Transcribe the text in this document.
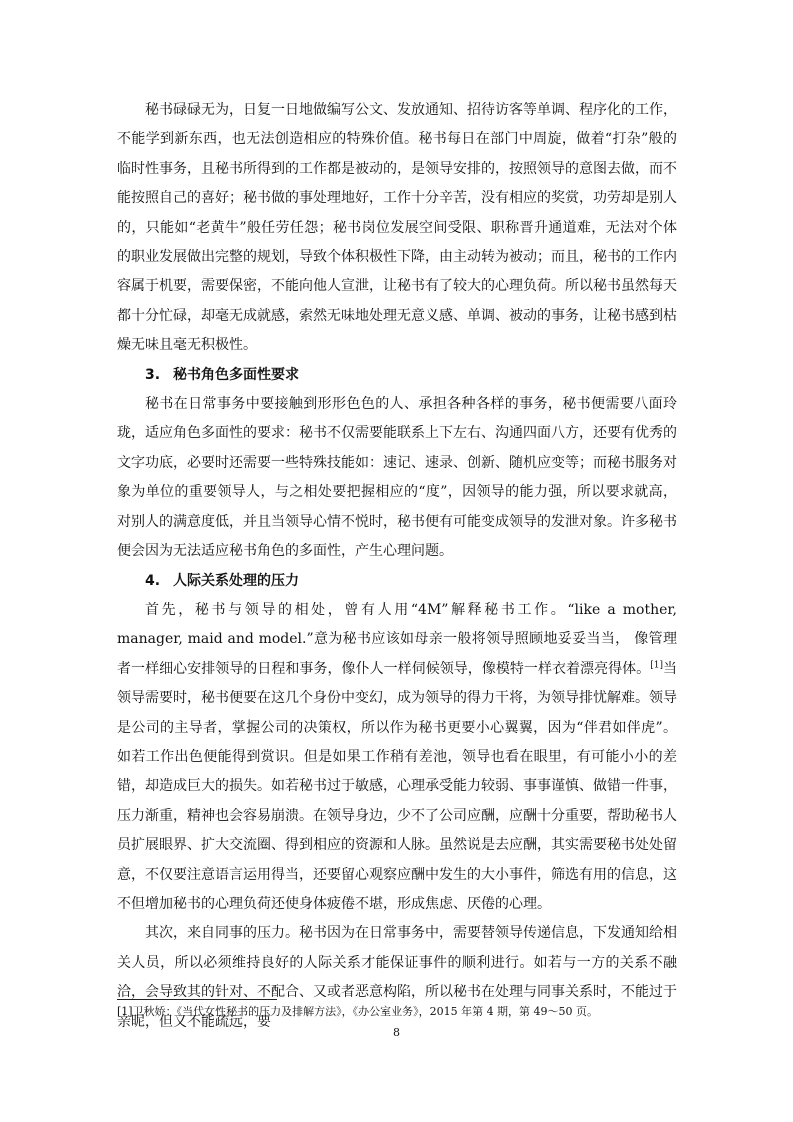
秘书碌碌无为，日复一日地做编写公文、发放通知、招待访客等单调、程序化的工作，不能学到新东西，也无法创造相应的特殊价值。秘书每日在部门中周旋，做着“打杂”般的临时性事务，且秘书所得到的工作都是被动的，是领导安排的，按照领导的意图去做，而不能按照自己的喜好；秘书做的事处理地好，工作十分辛苦，没有相应的奖赏，功劳却是别人的，只能如“老黄牛”般任劳任怨；秘书岗位发展空间受限、职称晋升通道难，无法对个体的职业发展做出完整的规划，导致个体积极性下降，由主动转为被动；而且，秘书的工作内容属于机要，需要保密，不能向他人宣泄，让秘书有了较大的心理负荷。所以秘书虽然每天都十分忙碌，却毫无成就感，索然无味地处理无意义感、单调、被动的事务，让秘书感到枯燥无味且毫无积极性。

3. 秘书角色多面性要求

秘书在日常事务中要接触到形形色色的人、承担各种各样的事务，秘书便需要八面玲珑，适应角色多面性的要求：秘书不仅需要能联系上下左右、沟通四面八方，还要有优秀的文字功底，必要时还需要一些特殊技能如：速记、速录、创新、随机应变等；而秘书服务对象为单位的重要领导人，与之相处要把握相应的“度”，因领导的能力强，所以要求就高，对别人的满意度低，并且当领导心情不悦时，秘书便有可能变成领导的发泄对象。许多秘书便会因为无法适应秘书角色的多面性，产生心理问题。

4. 人际关系处理的压力

首先，秘书与领导的相处，曾有人用“4M”解释秘书工作。“like a mother, manager, maid and model.”意为秘书应该如母亲一般将领导照顾地妥妥当当， 像管理者一样细心安排领导的日程和事务，像仆人一样伺候领导，像模特一样衣着漂亮得体。[1]当领导需要时，秘书便要在这几个身份中变幻，成为领导的得力干将，为领导排忧解难。领导是公司的主导者，掌握公司的决策权，所以作为秘书更要小心翼翼，因为“伴君如伴虎”。如若工作出色便能得到赏识。但是如果工作稍有差池，领导也看在眼里，有可能小小的差错，却造成巨大的损失。如若秘书过于敏感，心理承受能力较弱、事事谨慎、做错一件事，压力渐重，精神也会容易崩溃。在领导身边，少不了公司应酬，应酬十分重要，帮助秘书人员扩展眼界、扩大交流圈、得到相应的资源和人脉。虽然说是去应酬，其实需要秘书处处留意，不仅要注意语言运用得当，还要留心观察应酬中发生的大小事件，筛选有用的信息，这不但增加秘书的心理负荷还使身体疲倦不堪，形成焦虑、厌倦的心理。

其次，来自同事的压力。秘书因为在日常事务中，需要替领导传递信息，下发通知给相关人员，所以必须维持良好的人际关系才能保证事件的顺利进行。如若与一方的关系不融洽，会导致其的针对、不配合、又或者恶意构陷，所以秘书在处理与同事关系时，不能过于亲昵，但又不能疏远，要

[1]卫秋娇：《当代女性秘书的压力及排解方法》，《办公室业务》，2015 年第 4 期，第 49～50 页。

8
